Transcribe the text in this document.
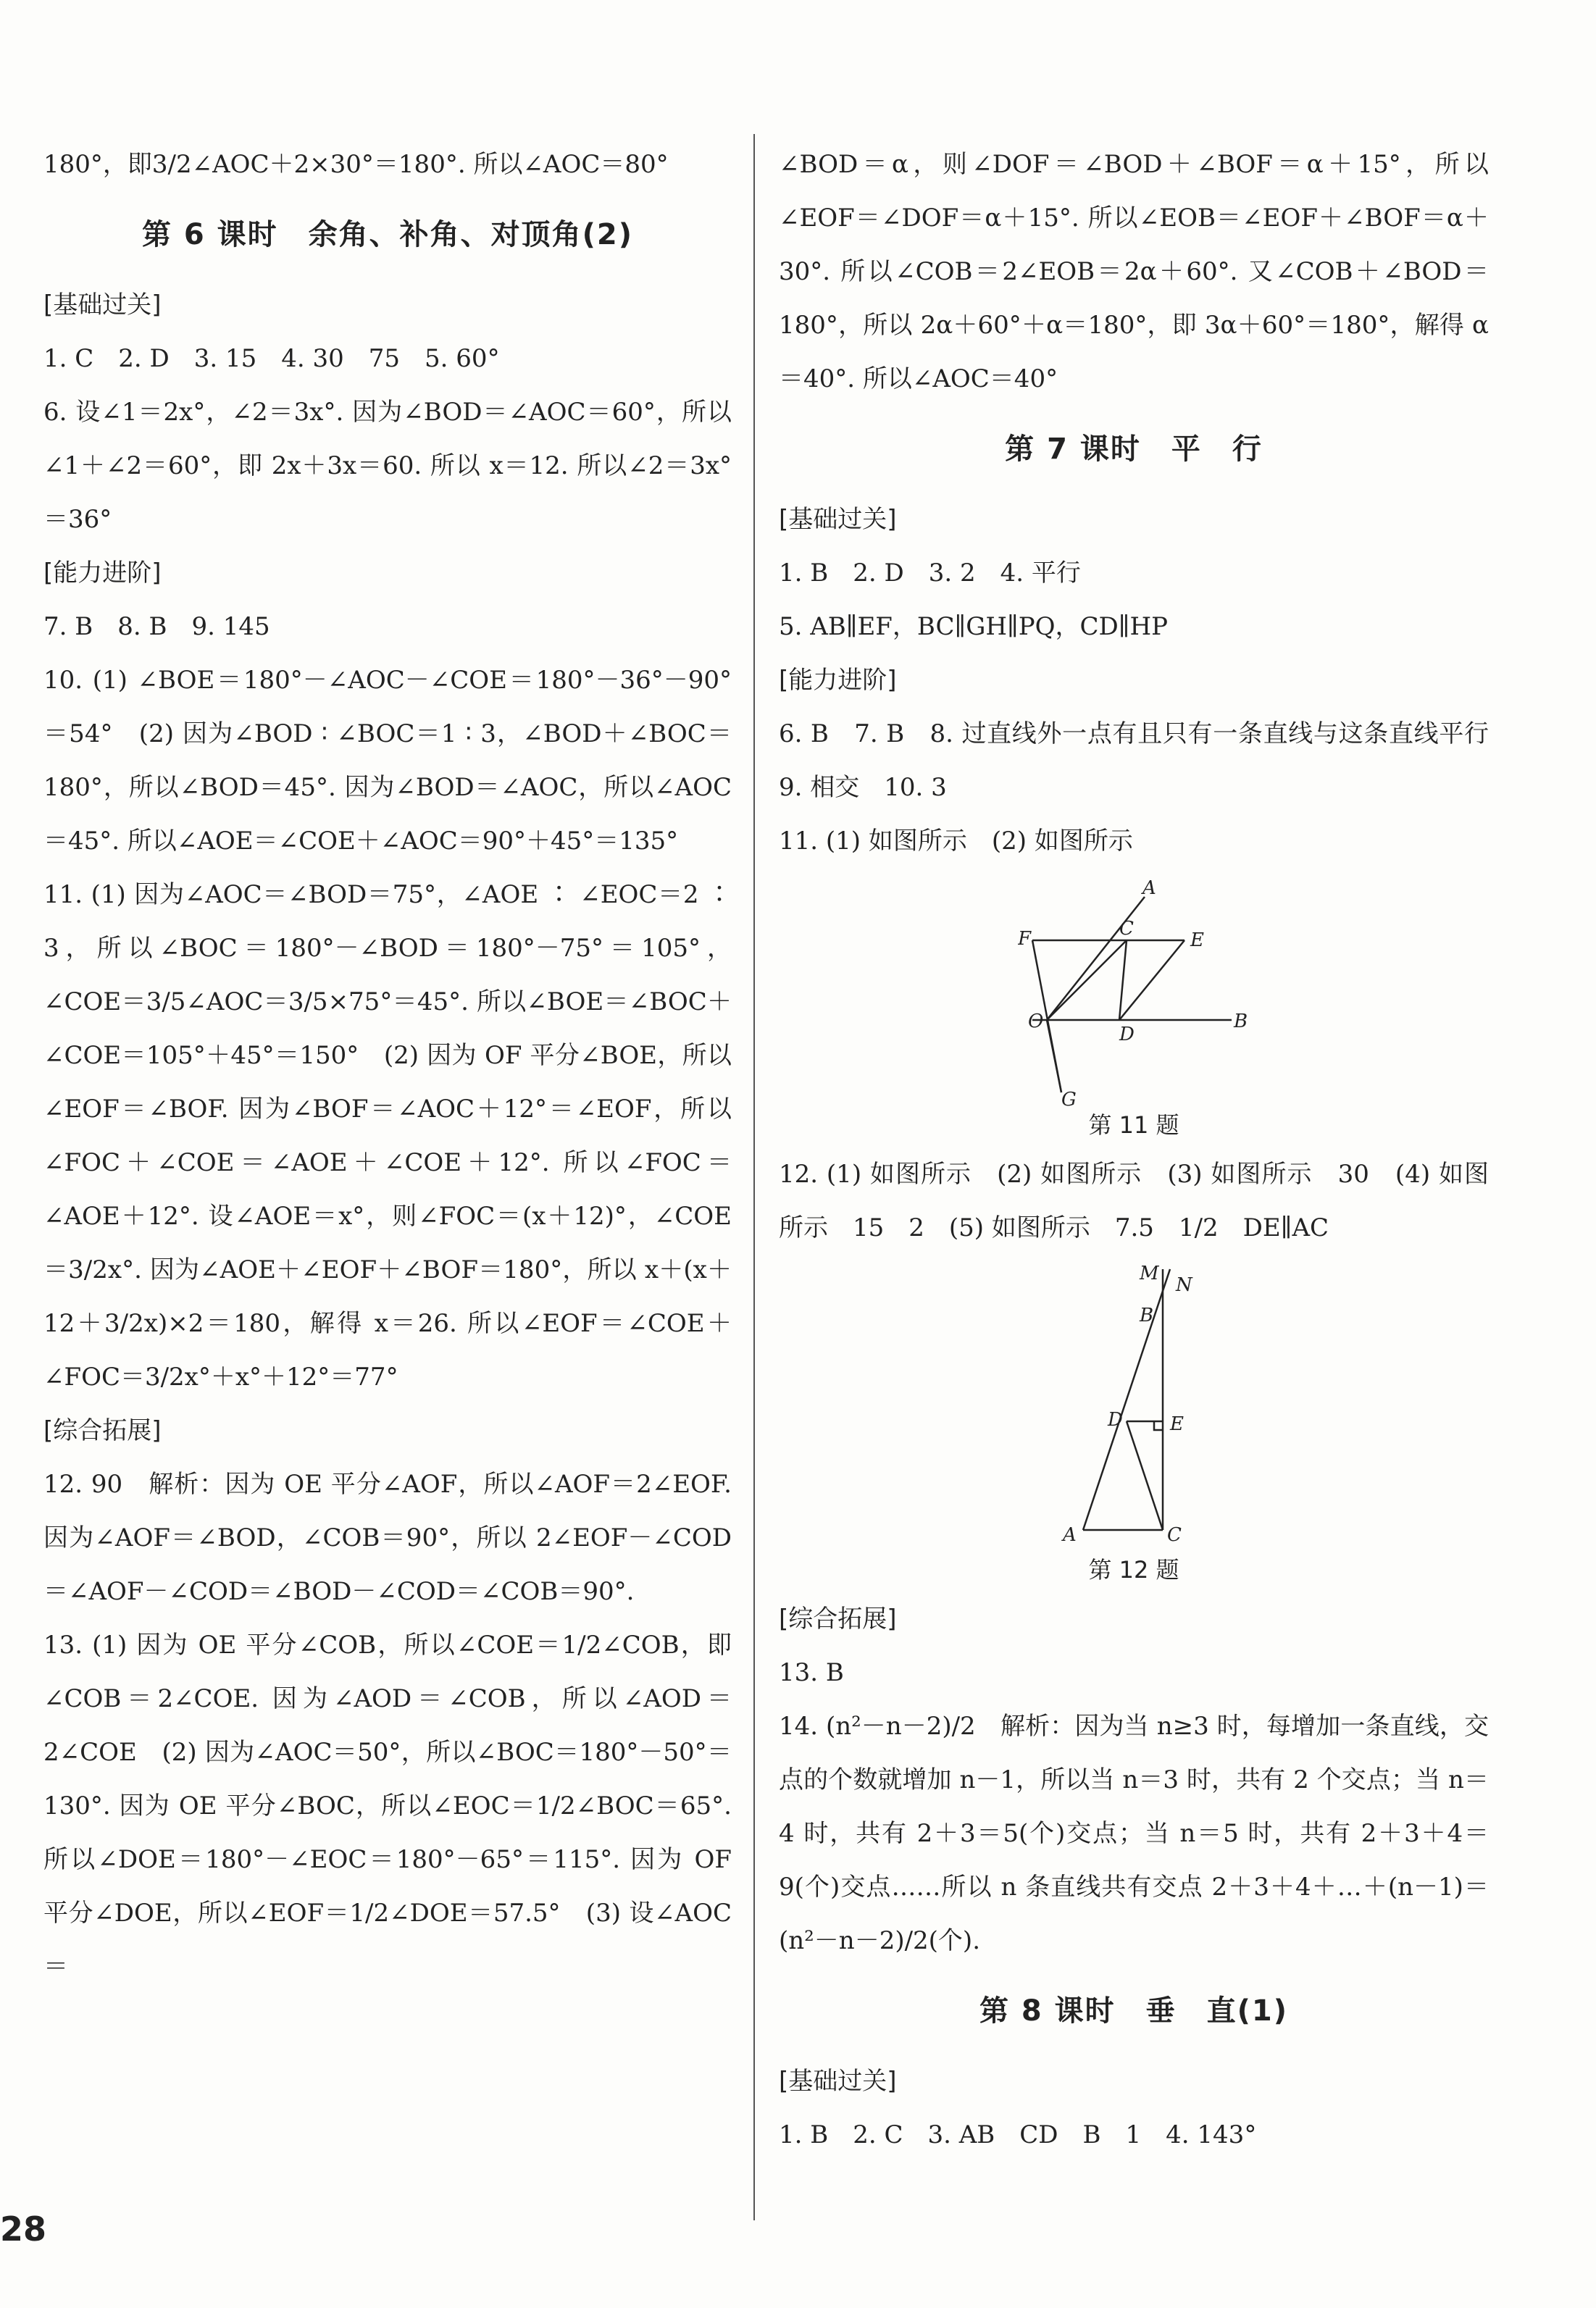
180°，即3/2∠AOC＋2×30°＝180°. 所以∠AOC＝80°

第 6 课时　余角、补角、对顶角(2)

[基础过关]

1. C　2. D　3. 15　4. 30　75　5. 60°

6. 设∠1＝2x°，∠2＝3x°. 因为∠BOD＝∠AOC＝60°，所以∠1＋∠2＝60°，即 2x＋3x＝60. 所以 x＝12. 所以∠2＝3x°＝36°

[能力进阶]

7. B　8. B　9. 145

10. (1) ∠BOE＝180°－∠AOC－∠COE＝180°－36°－90°＝54°　(2) 因为∠BOD ∶ ∠BOC＝1 ∶ 3，∠BOD＋∠BOC＝180°，所以∠BOD＝45°. 因为∠BOD＝∠AOC，所以∠AOC＝45°. 所以∠AOE＝∠COE＋∠AOC＝90°＋45°＝135°

11. (1) 因为∠AOC＝∠BOD＝75°，∠AOE ∶ ∠EOC＝2 ∶ 3，所以∠BOC＝180°－∠BOD＝180°－75°＝105°，∠COE＝3/5∠AOC＝3/5×75°＝45°. 所以∠BOE＝∠BOC＋∠COE＝105°＋45°＝150°　(2) 因为 OF 平分∠BOE，所以∠EOF＝∠BOF. 因为∠BOF＝∠AOC＋12°＝∠EOF，所以∠FOC＋∠COE＝∠AOE＋∠COE＋12°. 所以∠FOC＝∠AOE＋12°. 设∠AOE＝x°，则∠FOC＝(x＋12)°，∠COE＝3/2x°. 因为∠AOE＋∠EOF＋∠BOF＝180°，所以 x＋(x＋12＋3/2x)×2＝180，解得 x＝26. 所以∠EOF＝∠COE＋∠FOC＝3/2x°＋x°＋12°＝77°

[综合拓展]

12. 90　解析：因为 OE 平分∠AOF，所以∠AOF＝2∠EOF. 因为∠AOF＝∠BOD，∠COB＝90°，所以 2∠EOF－∠COD＝∠AOF－∠COD＝∠BOD－∠COD＝∠COB＝90°.

13. (1) 因为 OE 平分∠COB，所以∠COE＝1/2∠COB，即∠COB＝2∠COE. 因为∠AOD＝∠COB，所以∠AOD＝2∠COE　(2) 因为∠AOC＝50°，所以∠BOC＝180°－50°＝130°. 因为 OE 平分∠BOC，所以∠EOC＝1/2∠BOC＝65°. 所以∠DOE＝180°－∠EOC＝180°－65°＝115°. 因为 OF 平分∠DOE，所以∠EOF＝1/2∠DOE＝57.5°　(3) 设∠AOC＝

∠BOD＝α，则∠DOF＝∠BOD＋∠BOF＝α＋15°，所以∠EOF＝∠DOF＝α＋15°. 所以∠EOB＝∠EOF＋∠BOF＝α＋30°. 所以∠COB＝2∠EOB＝2α＋60°. 又∠COB＋∠BOD＝180°，所以 2α＋60°＋α＝180°，即 3α＋60°＝180°，解得 α＝40°. 所以∠AOC＝40°

第 7 课时　平　行

[基础过关]

1. B　2. D　3. 2　4. 平行

5. AB∥EF，BC∥GH∥PQ，CD∥HP

[能力进阶]

6. B　7. B　8. 过直线外一点有且只有一条直线与这条直线平行　9. 相交　10. 3

11. (1) 如图所示　(2) 如图所示

A
C
E
F
O
D
B
G

第 11 题

12. (1) 如图所示　(2) 如图所示　(3) 如图所示　30　(4) 如图所示　15　2　(5) 如图所示　7.5　1/2　DE∥AC

M
N
B
D	E
A	C

第 12 题

[综合拓展]

13. B

14. (n²－n－2)/2　解析：因为当 n≥3 时，每增加一条直线，交点的个数就增加 n－1，所以当 n＝3 时，共有 2 个交点；当 n＝4 时，共有 2＋3＝5(个)交点；当 n＝5 时，共有 2＋3＋4＝9(个)交点……所以 n 条直线共有交点 2＋3＋4＋…＋(n－1)＝(n²－n－2)/2(个).

第 8 课时　垂　直(1)

[基础过关]

1. B　2. C　3. AB　CD　B　1　4. 143°

28
